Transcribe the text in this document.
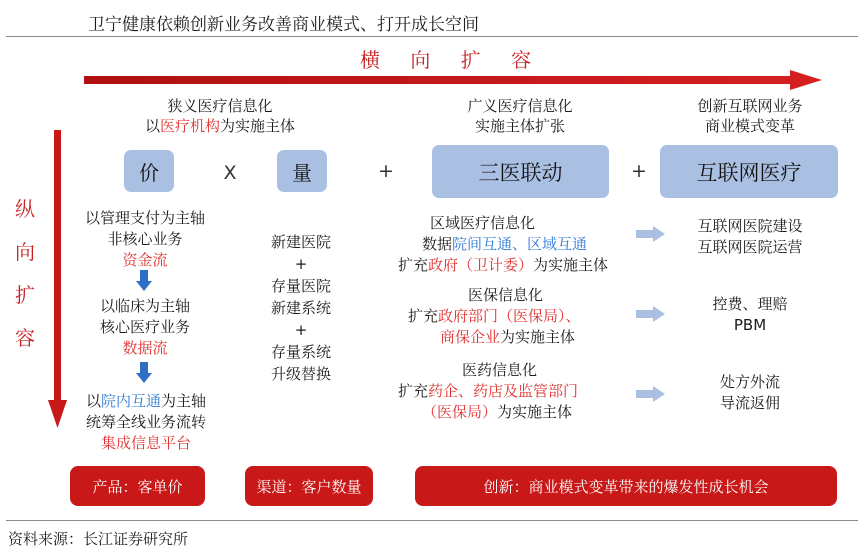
卫宁健康依赖创新业务改善商业模式、打开成长空间
横 向 扩 容
纵
向
扩
容
狭义医疗信息化
以医疗机构为实施主体
广义医疗信息化
实施主体扩张
创新互联网业务
商业模式变革
价	X	量	+	三医联动	+	互联网医疗
以管理支付为主轴
非核心业务
资金流
以临床为主轴
核心医疗业务
数据流
以院内互通为主轴
统筹全线业务流转
集成信息平台
新建医院
+
存量医院
新建系统
+
存量系统
升级替换
区域医疗信息化
数据院间互通、区域互通
扩充政府（卫计委）为实施主体
医保信息化
扩充政府部门（医保局）、
商保企业为实施主体
医药信息化
扩充药企、药店及监管部门
（医保局）为实施主体
互联网医院建设
互联网医院运营
控费、理赔
PBM
处方外流
导流返佣
产品：客单价	渠道：客户数量	创新：商业模式变革带来的爆发性成长机会
资料来源：长江证券研究所
